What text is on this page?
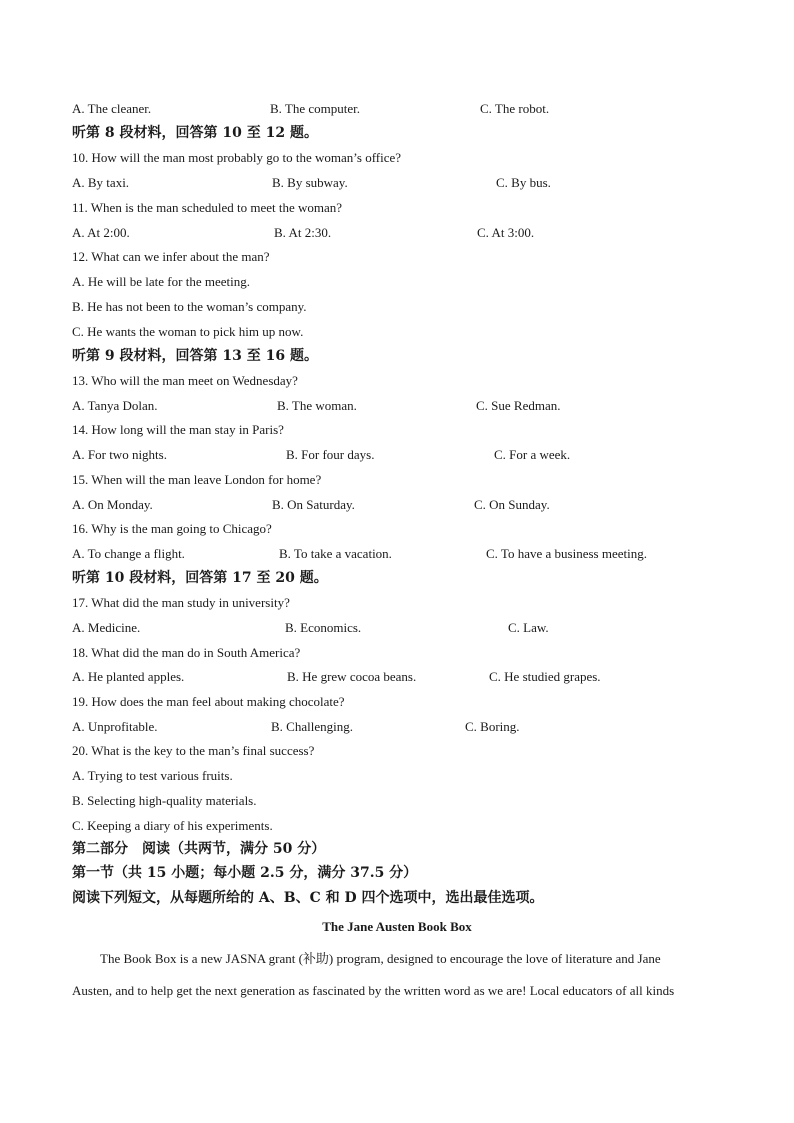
A. The cleaner.	B. The computer.	C. The robot.
听第 8 段材料，回答第 10 至 12 题。
10. How will the man most probably go to the woman’s office?
A. By taxi.	B. By subway.	C. By bus.
11. When is the man scheduled to meet the woman?
A. At 2:00.	B. At 2:30.	C. At 3:00.
12. What can we infer about the man?
A. He will be late for the meeting.
B. He has not been to the woman’s company.
C. He wants the woman to pick him up now.
听第 9 段材料，回答第 13 至 16 题。
13. Who will the man meet on Wednesday?
A. Tanya Dolan.	B. The woman.	C. Sue Redman.
14. How long will the man stay in Paris?
A. For two nights.	B. For four days.	C. For a week.
15. When will the man leave London for home?
A. On Monday.	B. On Saturday.	C. On Sunday.
16. Why is the man going to Chicago?
A. To change a flight.	B. To take a vacation.	C. To have a business meeting.
听第 10 段材料，回答第 17 至 20 题。
17. What did the man study in university?
A. Medicine.	B. Economics.	C. Law.
18. What did the man do in South America?
A. He planted apples.	B. He grew cocoa beans.	C. He studied grapes.
19. How does the man feel about making chocolate?
A. Unprofitable.	B. Challenging.	C. Boring.
20. What is the key to the man’s final success?
A. Trying to test various fruits.
B. Selecting high-quality materials.
C. Keeping a diary of his experiments.
第二部分　阅读（共两节，满分 50 分）
第一节（共 15 小题；每小题 2.5 分，满分 37.5 分）
阅读下列短文，从每题所给的 A、B、C 和 D 四个选项中，选出最佳选项。
The Jane Austen Book Box
The Book Box is a new JASNA grant (补助) program, designed to encourage the love of literature and Jane
Austen, and to help get the next generation as fascinated by the written word as we are! Local educators of all kinds
